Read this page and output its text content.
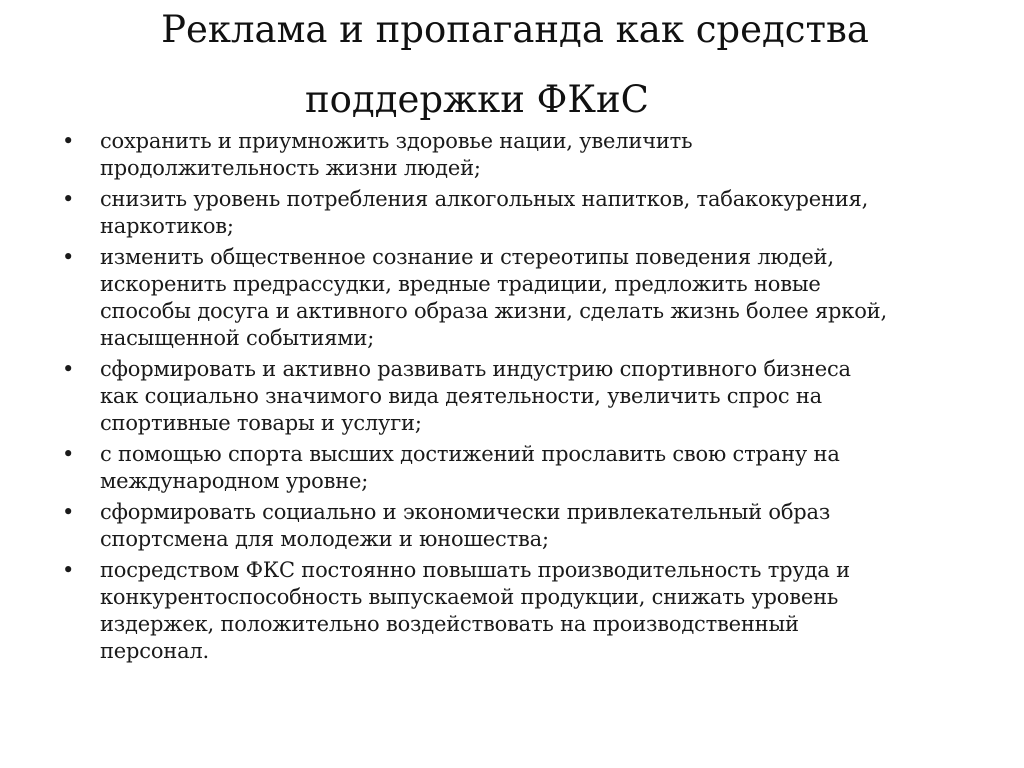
Реклама и пропаганда как средства
поддержки ФКиС
• сохранить и приумножить здоровье нации, увеличить
продолжительность жизни людей;
• снизить уровень потребления алкогольных напитков, табакокурения,
наркотиков;
• изменить общественное сознание и стереотипы поведения людей,
искоренить предрассудки, вредные традиции, предложить новые
способы досуга и активного образа жизни, сделать жизнь более яркой,
насыщенной событиями;
• сформировать и активно развивать индустрию спортивного бизнеса
как социально значимого вида деятельности, увеличить спрос на
спортивные товары и услуги;
• с помощью спорта высших достижений прославить свою страну на
международном уровне;
• сформировать социально и экономически привлекательный образ
спортсмена для молодежи и юношества;
• посредством ФКС постоянно повышать производительность труда и
конкурентоспособность выпускаемой продукции, снижать уровень
издержек, положительно воздействовать на производственный
персонал.
